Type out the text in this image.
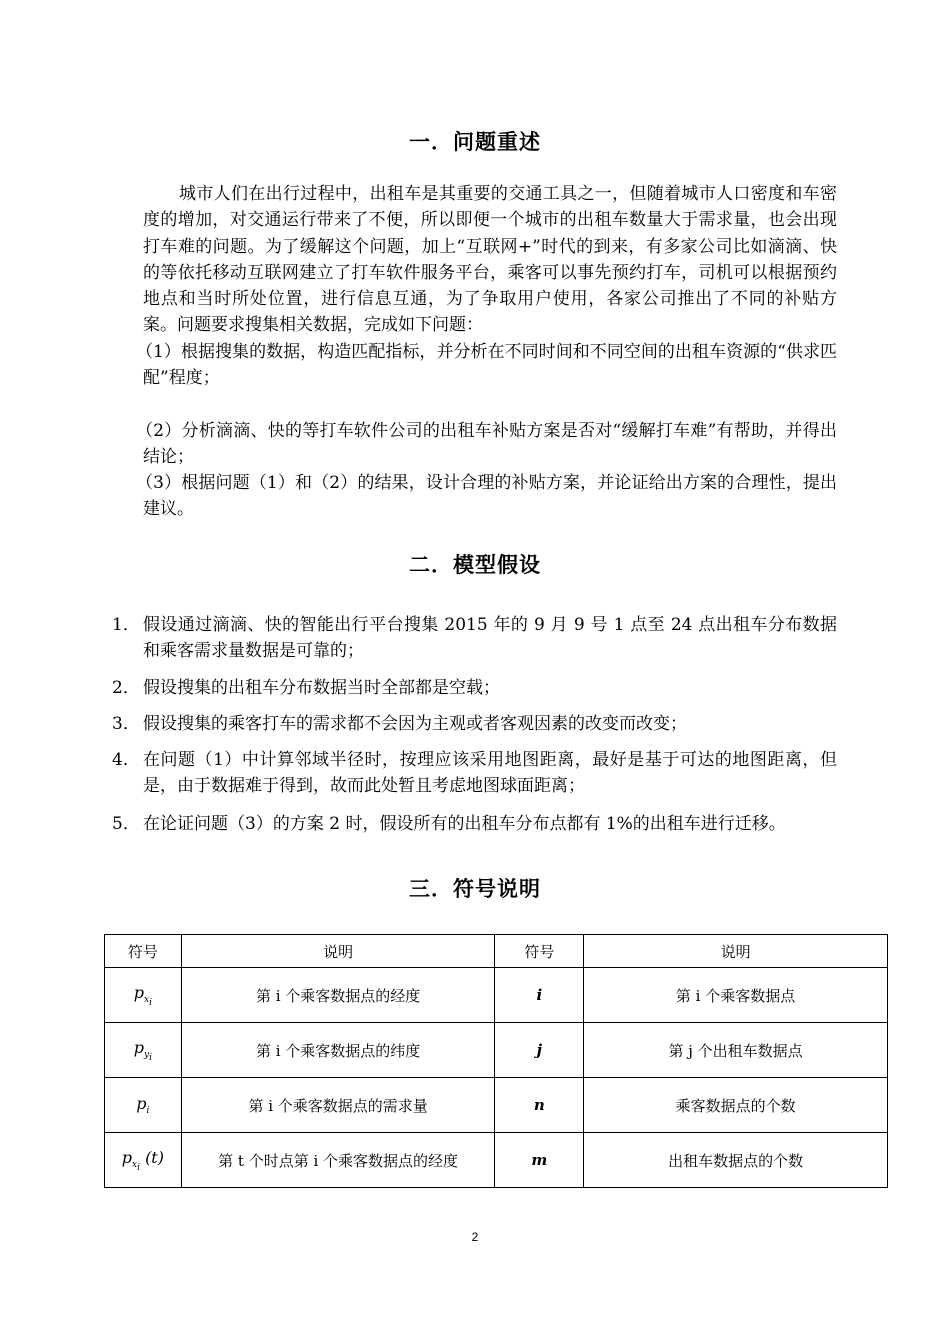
一．问题重述

城市人们在出行过程中，出租车是其重要的交通工具之一，但随着城市人口密度和车密度的增加，对交通运行带来了不便，所以即便一个城市的出租车数量大于需求量，也会出现打车难的问题。为了缓解这个问题，加上“互联网+”时代的到来，有多家公司比如滴滴、快的等依托移动互联网建立了打车软件服务平台，乘客可以事先预约打车，司机可以根据预约地点和当时所处位置，进行信息互通，为了争取用户使用，各家公司推出了不同的补贴方案。问题要求搜集相关数据，完成如下问题：

（1）根据搜集的数据，构造匹配指标，并分析在不同时间和不同空间的出租车资源的“供求匹配”程度；
（2）分析滴滴、快的等打车软件公司的出租车补贴方案是否对“缓解打车难”有帮助，并得出结论；
（3）根据问题（1）和（2）的结果，设计合理的补贴方案，并论证给出方案的合理性，提出建议。
二．模型假设
1． 假设通过滴滴、快的智能出行平台搜集 2015 年的 9 月 9 号 1 点至 24 点出租车分布数据和乘客需求量数据是可靠的；
2． 假设搜集的出租车分布数据当时全部都是空载；
3． 假设搜集的乘客打车的需求都不会因为主观或者客观因素的改变而改变；
4． 在问题（1）中计算邻域半径时，按理应该采用地图距离，最好是基于可达的地图距离，但是，由于数据难于得到，故而此处暂且考虑地图球面距离；
5． 在论证问题（3）的方案 2 时，假设所有的出租车分布点都有 1%的出租车进行迁移。
三．符号说明
符号	说明	符号	说明
$p_{x_i}$	第 i 个乘客数据点的经度	i	第 i 个乘客数据点
$p_{y_i}$	第 i 个乘客数据点的纬度	j	第 j 个出租车数据点
$p_i$	第 i 个乘客数据点的需求量	n	乘客数据点的个数
$p_{x_i}$ (t)	第 t 个时点第 i 个乘客数据点的经度	m	出租车数据点的个数
2
